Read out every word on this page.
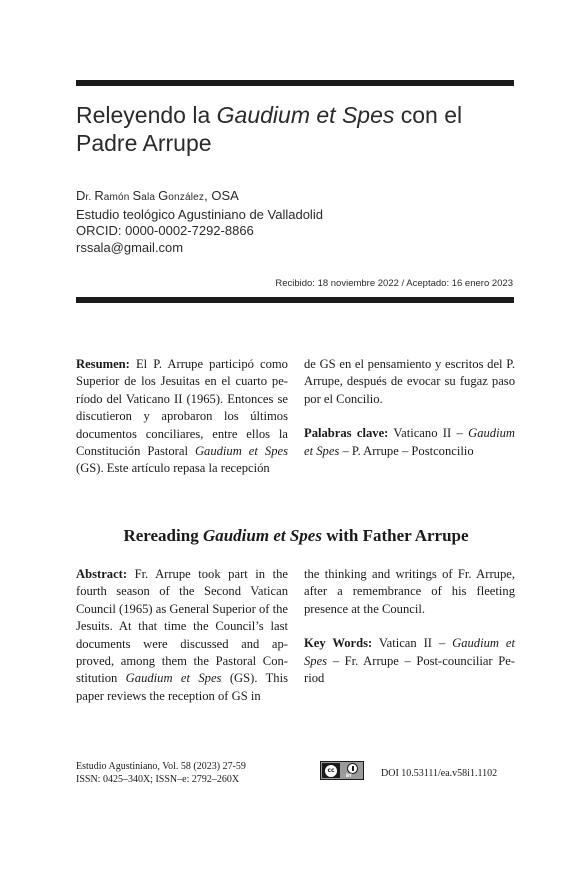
Releyendo la Gaudium et Spes con el
Padre Arrupe
Dr. Ramón Sala González, OSA
Estudio teológico Agustiniano de Valladolid
ORCID: 0000-0002-7292-8866
rssala@gmail.com
Recibido: 18 noviembre 2022 / Aceptado: 16 enero 2023

Resumen: El P. Arrupe participó como Superior de los Jesuitas en el cuarto pe- ríodo del Vaticano II (1965). Entonces se discutieron y aprobaron los últimos documentos conciliares, entre ellos la Constitución Pastoral Gaudium et Spes (GS). Este artículo repasa la recepción

de GS en el pensamiento y escritos del P. Arrupe, después de evocar su fugaz paso por el Concilio.

Palabras clave: Vaticano II – Gaudium et Spes – P. Arrupe – Postconcilio

Rereading Gaudium et Spes with Father Arrupe

Abstract: Fr. Arrupe took part in the fourth season of the Second Vatican Council (1965) as General Superior of the Jesuits. At that time the Council’s last documents were discussed and ap- proved, among them the Pastoral Con- stitution Gaudium et Spes (GS). This paper reviews the reception of GS in

the thinking and writings of Fr. Arrupe, after a remembrance of his fleeting presence at the Council.

Key Words: Vatican II – Gaudium et Spes – Fr. Arrupe – Post-counciliar Pe- riod

Estudio Agustiniano, Vol. 58 (2023) 27-59
ISSN: 0425–340X; ISSN–e: 2792–260X
cc
BY	DOI 10.53111/ea.v58i1.1102
